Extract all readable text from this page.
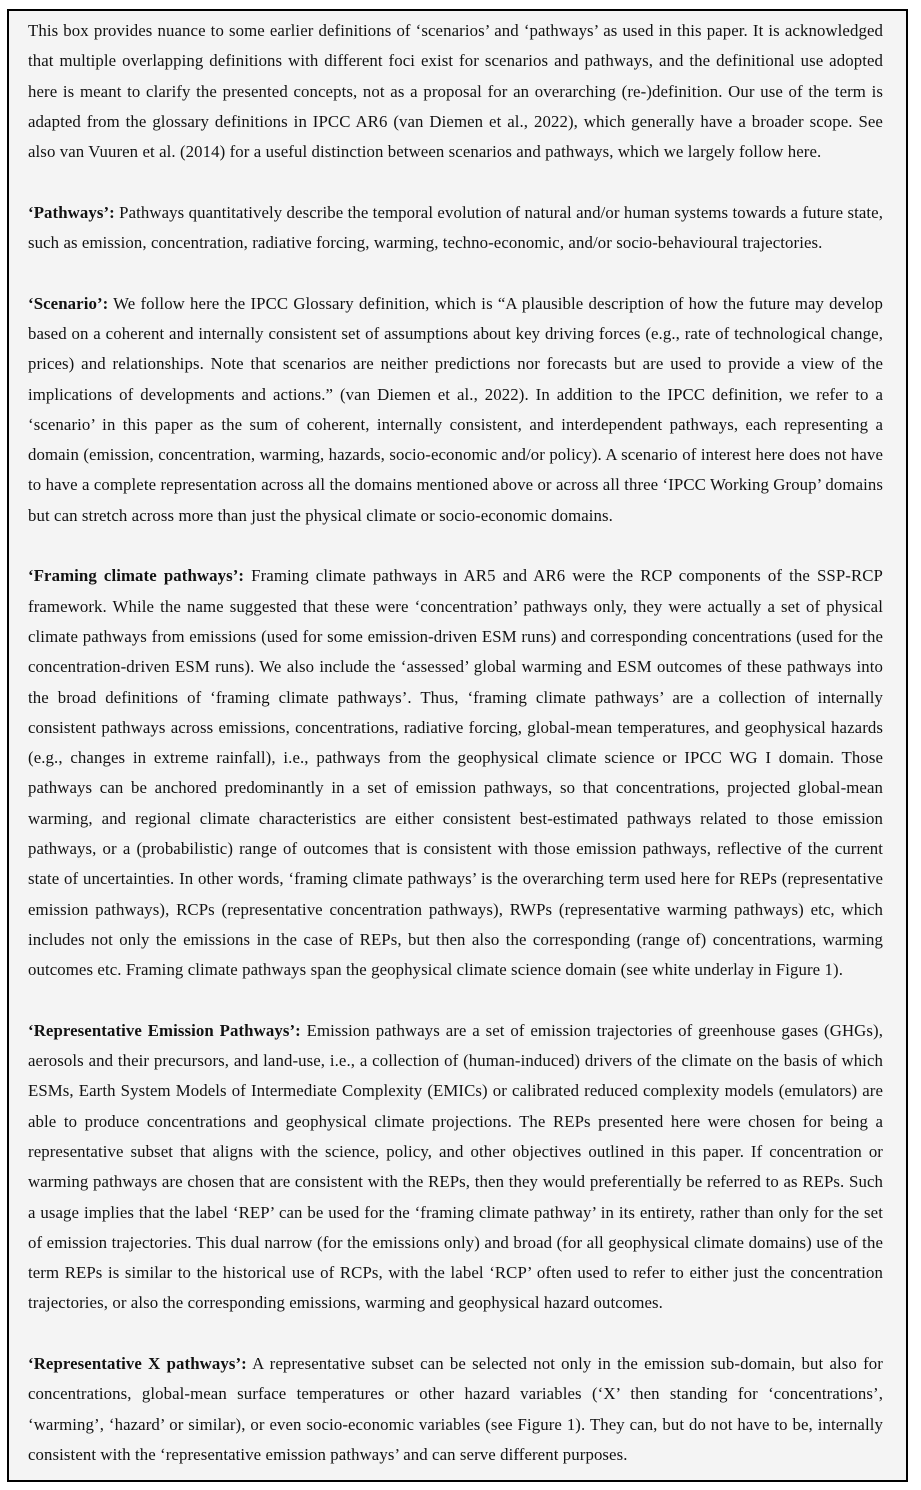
This box provides nuance to some earlier definitions of ‘scenarios’ and ‘pathways’ as used in this paper. It is acknowledged that multiple overlapping definitions with different foci exist for scenarios and pathways, and the definitional use adopted here is meant to clarify the presented concepts, not as a proposal for an overarching (re-)definition. Our use of the term is adapted from the glossary definitions in IPCC AR6 (van Diemen et al., 2022), which generally have a broader scope. See also van Vuuren et al. (2014) for a useful distinction between scenarios and pathways, which we largely follow here.

‘Pathways’: Pathways quantitatively describe the temporal evolution of natural and/or human systems towards a future state, such as emission, concentration, radiative forcing, warming, techno-economic, and/or socio-behavioural trajectories.

‘Scenario’: We follow here the IPCC Glossary definition, which is “A plausible description of how the future may develop based on a coherent and internally consistent set of assumptions about key driving forces (e.g., rate of technological change, prices) and relationships. Note that scenarios are neither predictions nor forecasts but are used to provide a view of the implications of developments and actions.” (van Diemen et al., 2022). In addition to the IPCC definition, we refer to a ‘scenario’ in this paper as the sum of coherent, internally consistent, and interdependent pathways, each representing a domain (emission, concentration, warming, hazards, socio-economic and/or policy). A scenario of interest here does not have to have a complete representation across all the domains mentioned above or across all three ‘IPCC Working Group’ domains but can stretch across more than just the physical climate or socio-economic domains.

‘Framing climate pathways’: Framing climate pathways in AR5 and AR6 were the RCP components of the SSP-RCP framework. While the name suggested that these were ‘concentration’ pathways only, they were actually a set of physical climate pathways from emissions (used for some emission-driven ESM runs) and corresponding concentrations (used for the concentration-driven ESM runs). We also include the ‘assessed’ global warming and ESM outcomes of these pathways into the broad definitions of ‘framing climate pathways’. Thus, ‘framing climate pathways’ are a collection of internally consistent pathways across emissions, concentrations, radiative forcing, global-mean temperatures, and geophysical hazards (e.g., changes in extreme rainfall), i.e., pathways from the geophysical climate science or IPCC WG I domain. Those pathways can be anchored predominantly in a set of emission pathways, so that concentrations, projected global-mean warming, and regional climate characteristics are either consistent best-estimated pathways related to those emission pathways, or a (probabilistic) range of outcomes that is consistent with those emission pathways, reflective of the current state of uncertainties. In other words, ‘framing climate pathways’ is the overarching term used here for REPs (representative emission pathways), RCPs (representative concentration pathways), RWPs (representative warming pathways) etc, which includes not only the emissions in the case of REPs, but then also the corresponding (range of) concentrations, warming outcomes etc. Framing climate pathways span the geophysical climate science domain (see white underlay in Figure 1).

‘Representative Emission Pathways’: Emission pathways are a set of emission trajectories of greenhouse gases (GHGs), aerosols and their precursors, and land-use, i.e., a collection of (human-induced) drivers of the climate on the basis of which ESMs, Earth System Models of Intermediate Complexity (EMICs) or calibrated reduced complexity models (emulators) are able to produce concentrations and geophysical climate projections. The REPs presented here were chosen for being a representative subset that aligns with the science, policy, and other objectives outlined in this paper. If concentration or warming pathways are chosen that are consistent with the REPs, then they would preferentially be referred to as REPs. Such a usage implies that the label ‘REP’ can be used for the ‘framing climate pathway’ in its entirety, rather than only for the set of emission trajectories. This dual narrow (for the emissions only) and broad (for all geophysical climate domains) use of the term REPs is similar to the historical use of RCPs, with the label ‘RCP’ often used to refer to either just the concentration trajectories, or also the corresponding emissions, warming and geophysical hazard outcomes.

‘Representative X pathways’: A representative subset can be selected not only in the emission sub-domain, but also for concentrations, global-mean surface temperatures or other hazard variables (‘X’ then standing for ‘concentrations’, ‘warming’, ‘hazard’ or similar), or even socio-economic variables (see Figure 1). They can, but do not have to be, internally consistent with the ‘representative emission pathways’ and can serve different purposes.
